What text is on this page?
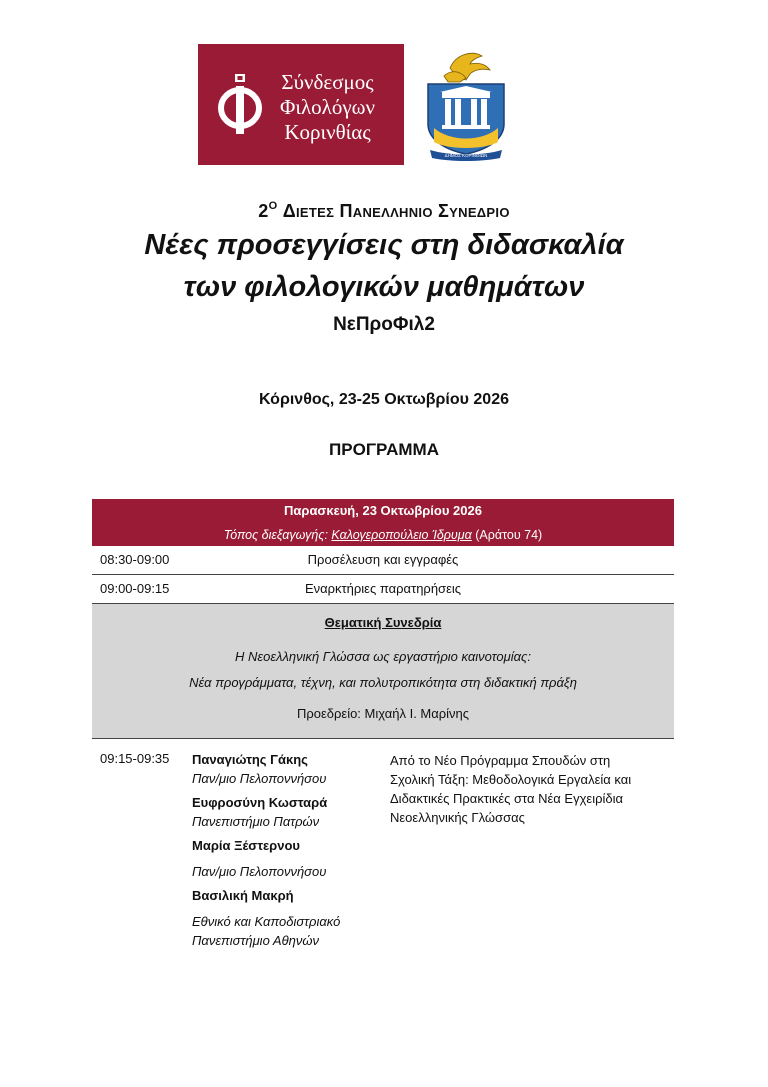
Σύνδεσμος
Φιλολόγων
Κορινθίας
ΔΗΜΟΣ ΚΟΡΙΝΘΙΩΝ
$2^O$ Διετες Πανελληνιο Συνεδριο
Νέες προσεγγίσεις στη διδασκαλία
των φιλολογικών μαθημάτων
ΝεΠροΦιλ2
Κόρινθος, 23-25 Οκτωβρίου 2026
ΠΡΟΓΡΑΜΜΑ
Παρασκευή, 23 Οκτωβρίου 2026
Τόπος διεξαγωγής: Καλογεροπούλειο Ίδρυμα (Αράτου 74)
08:30-09:00	Προσέλευση και εγγραφές
09:00-09:15	Εναρκτήριες παρατηρήσεις
Θεματική Συνεδρία
Η Νεοελληνική Γλώσσα ως εργαστήριο καινοτομίας:
Νέα προγράμματα, τέχνη, και πολυτροπικότητα στη διδακτική πράξη
Προεδρείο: Μιχαήλ Ι. Μαρίνης
09:15-09:35 Παναγιώτης Γάκης
Παν/μιο Πελοποννήσου
Ευφροσύνη Κωσταρά
Πανεπιστήμιο Πατρών
Μαρία Ξέστερνου
Παν/μιο Πελοποννήσου
Βασιλική Μακρή
Εθνικό και Καποδιστριακό
Πανεπιστήμιο Αθηνών
Από το Νέο Πρόγραμμα Σπουδών στη
Σχολική Τάξη: Μεθοδολογικά Εργαλεία και
Διδακτικές Πρακτικές στα Νέα Εγχειρίδια
Νεοελληνικής Γλώσσας
